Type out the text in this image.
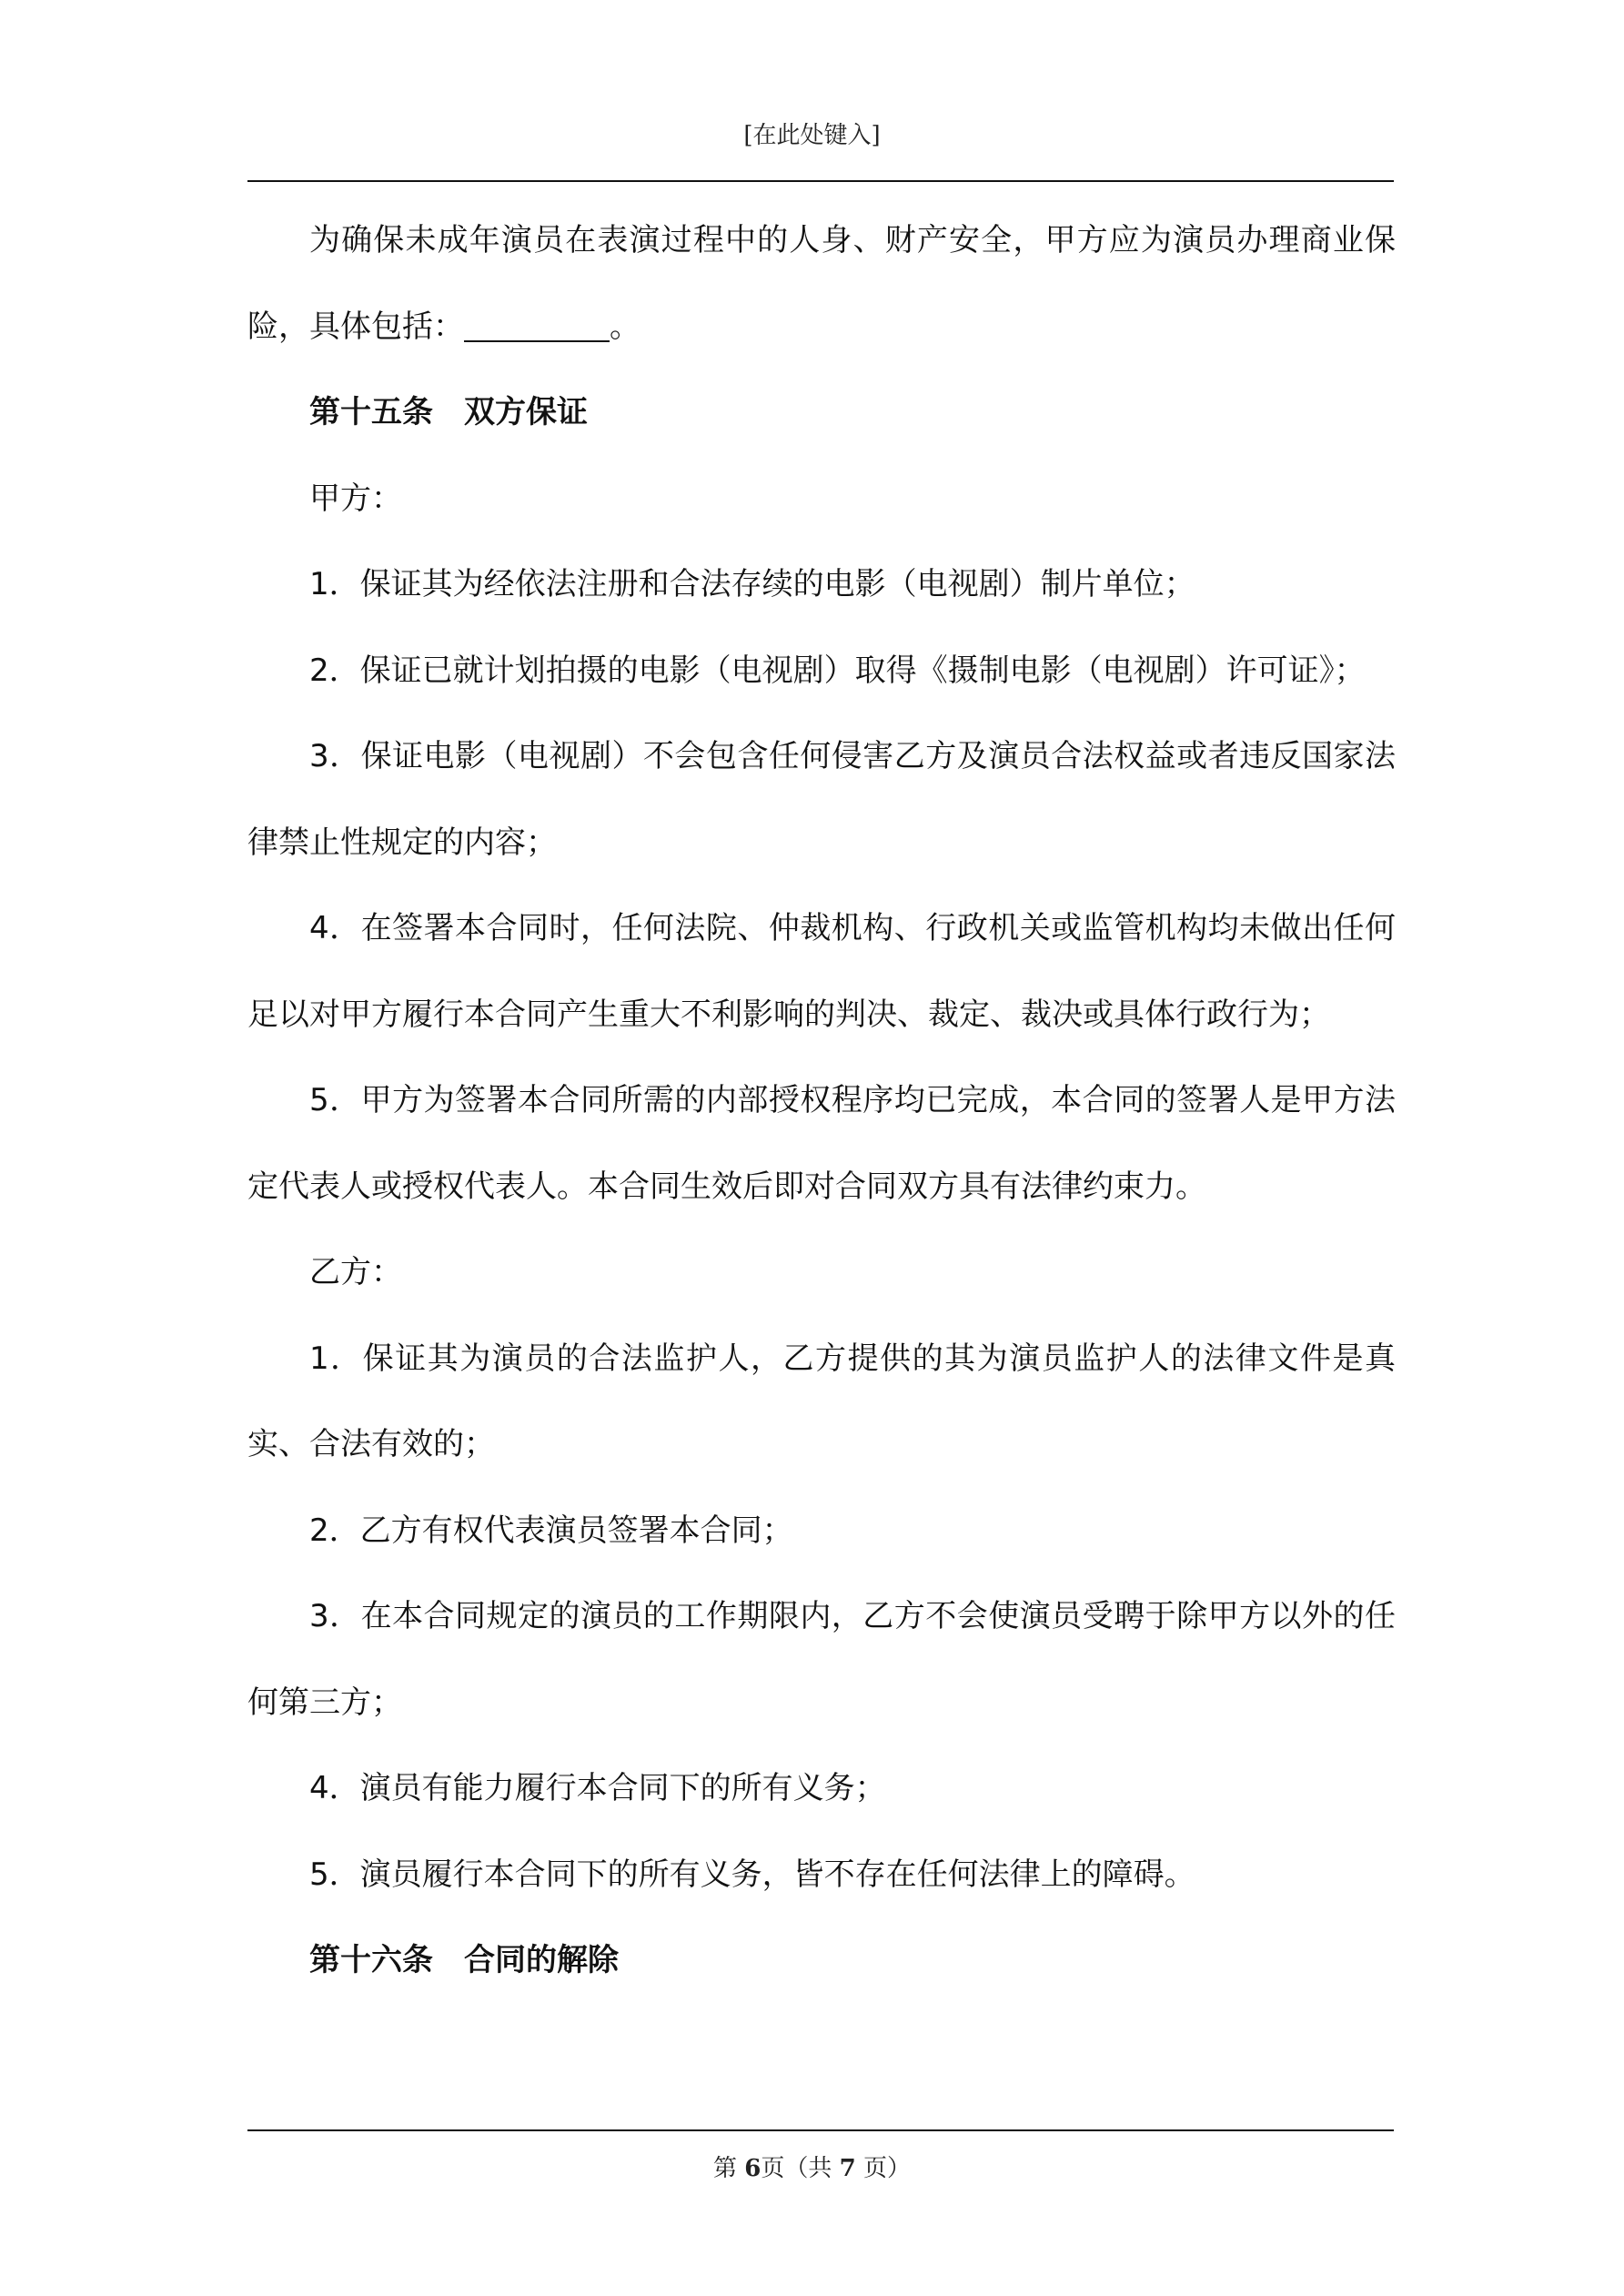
[在此处键入]

为确保未成年演员在表演过程中的人身、财产安全，甲方应为演员办理商业保险，具体包括：	。

第十五条　双方保证

甲方：

1．保证其为经依法注册和合法存续的电影（电视剧）制片单位；

2．保证已就计划拍摄的电影（电视剧）取得《摄制电影（电视剧）许可证》；

3．保证电影（电视剧）不会包含任何侵害乙方及演员合法权益或者违反国家法律禁止性规定的内容；

4．在签署本合同时，任何法院、仲裁机构、行政机关或监管机构均未做出任何足以对甲方履行本合同产生重大不利影响的判决、裁定、裁决或具体行政行为；

5．甲方为签署本合同所需的内部授权程序均已完成，本合同的签署人是甲方法定代表人或授权代表人。本合同生效后即对合同双方具有法律约束力。

乙方：

1．保证其为演员的合法监护人，乙方提供的其为演员监护人的法律文件是真实、合法有效的；

2．乙方有权代表演员签署本合同；

3．在本合同规定的演员的工作期限内，乙方不会使演员受聘于除甲方以外的任何第三方；

4．演员有能力履行本合同下的所有义务；

5．演员履行本合同下的所有义务，皆不存在任何法律上的障碍。

第十六条　合同的解除

第 6页（共 7 页）
